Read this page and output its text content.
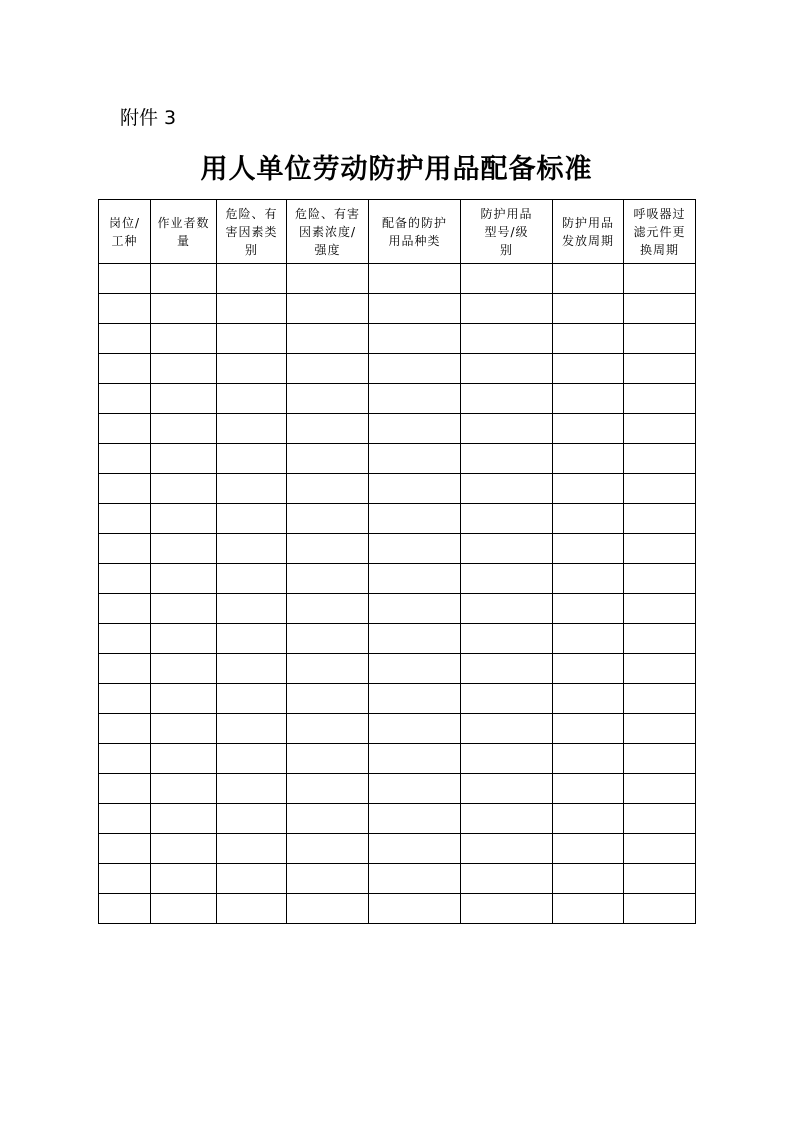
附件 3
用人单位劳动防护用品配备标准
岗位/工种	作业者数量	危险、有害因素类别	危险、有害因素浓度/强度	配备的防护用品种类	防护用品型号/级别	防护用品发放周期	呼吸器过滤元件更换周期
